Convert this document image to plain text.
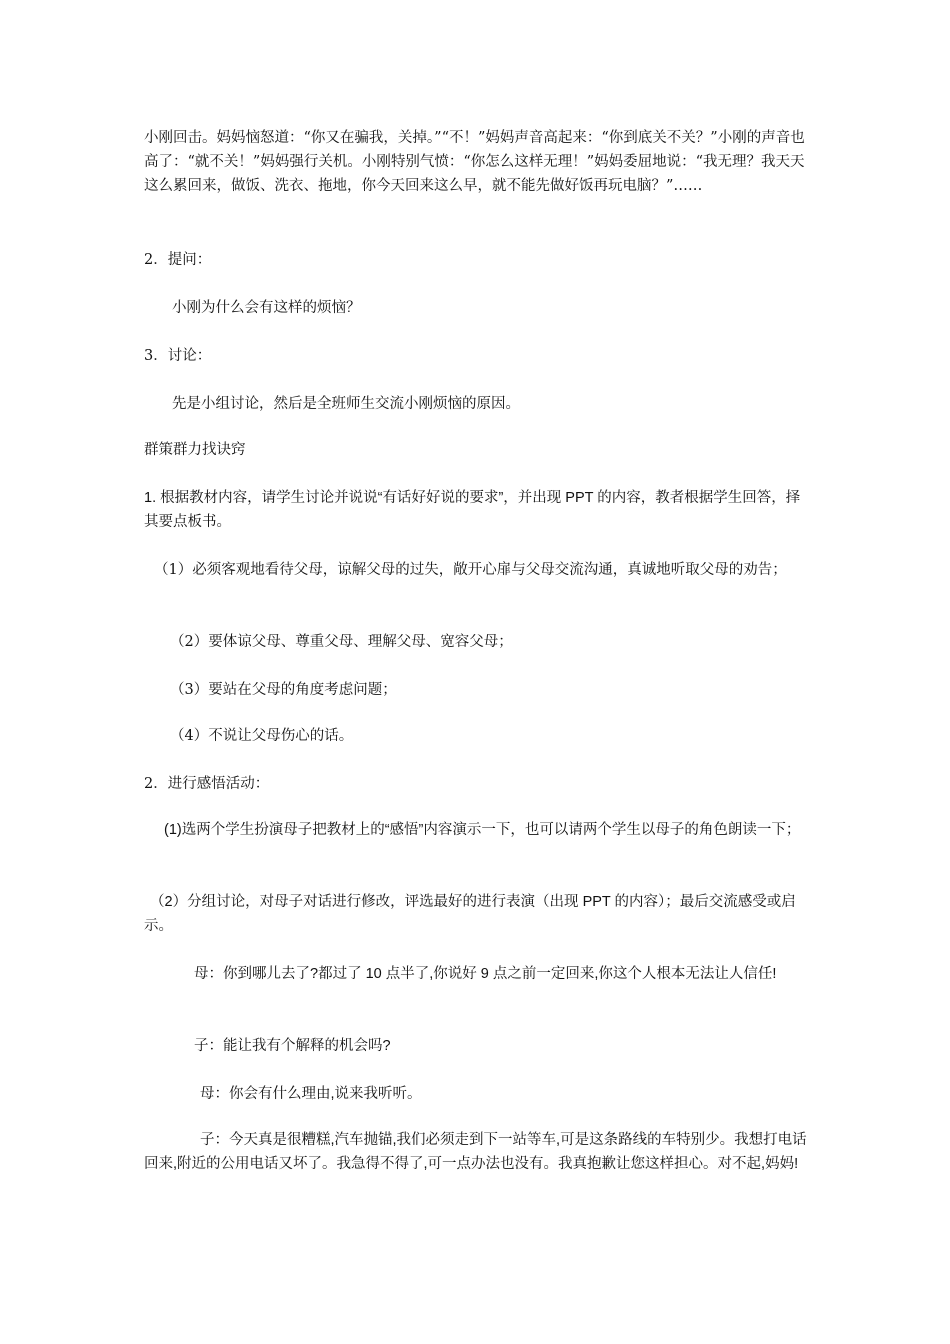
小刚回击。妈妈恼怒道：“你又在骗我，关掉。”“不！”妈妈声音高起来：“你到底关不关？”小刚的声音也高了：“就不关！”妈妈强行关机。小刚特别气愤：“你怎么这样无理！”妈妈委屈地说：“我无理？我天天这么累回来，做饭、洗衣、拖地，你今天回来这么早，就不能先做好饭再玩电脑？”……

2．提问：

小刚为什么会有这样的烦恼？

3．讨论：

先是小组讨论，然后是全班师生交流小刚烦恼的原因。

群策群力找诀窍

1. 根据教材内容，请学生讨论并说说“有话好好说的要求”，并出现 PPT 的内容，教者根据学生回答，择其要点板书。

（1）必须客观地看待父母，谅解父母的过失，敞开心扉与父母交流沟通，真诚地听取父母的劝告；

（2）要体谅父母、尊重父母、理解父母、宽容父母；

（3）要站在父母的角度考虑问题；

（4）不说让父母伤心的话。

2．进行感悟活动：

(1)选两个学生扮演母子把教材上的“感悟”内容演示一下，也可以请两个学生以母子的角色朗读一下；

（2）分组讨论，对母子对话进行修改，评选最好的进行表演（出现 PPT 的内容）；最后交流感受或启示。

母：你到哪儿去了?都过了 10 点半了,你说好 9 点之前一定回来,你这个人根本无法让人信任!

子：能让我有个解释的机会吗?

母：你会有什么理由,说来我听听。

子：今天真是很糟糕,汽车抛锚,我们必须走到下一站等车,可是这条路线的车特别少。我想打电话回来,附近的公用电话又坏了。我急得不得了,可一点办法也没有。我真抱歉让您这样担心。对不起,妈妈!
